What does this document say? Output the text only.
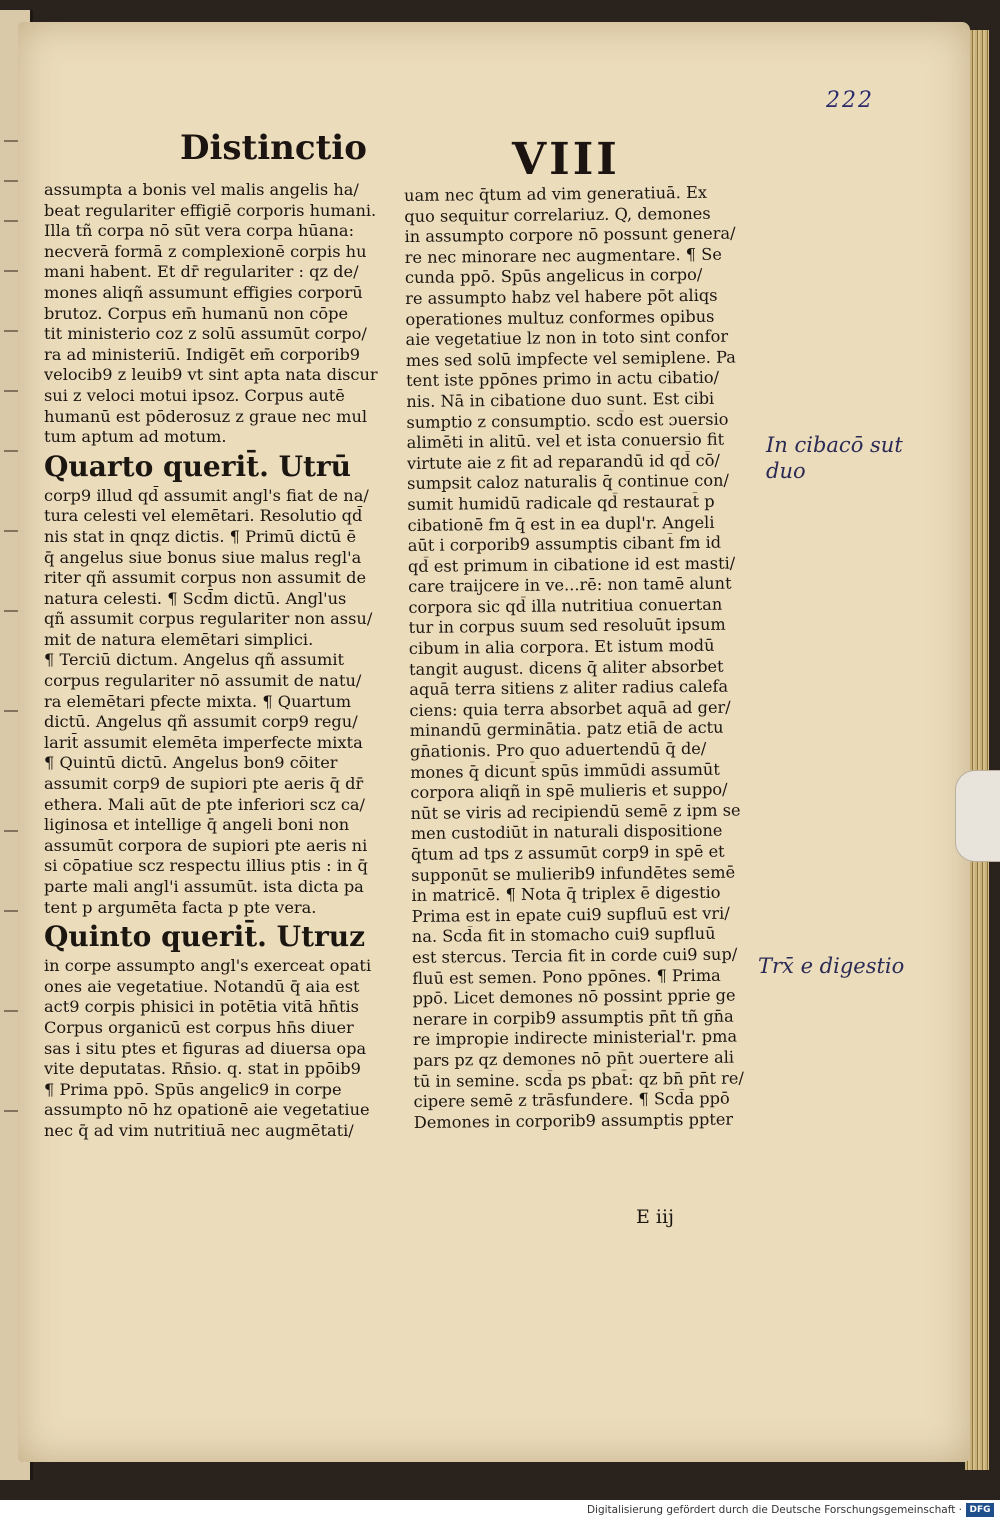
222
Distinctio	VIII
assumpta a bonis vel malis angelis ha/
beat regulariter effigiē corporis humani.
Illa tñ corpa nō sūt vera corpa hūana:
necverā formā z complexionē corpis hu
mani habent. Et dr̄ regulariter : qz de/
mones aliqñ assumunt effigies corporū
brutoz. Corpus em̄ humanū non cōpe
tit ministerio coz z solū assumūt corpo/
ra ad ministeriū. Indigēt em̄ corporib9
velocib9 z leuib9 vt sint apta nata discur
sui z veloci motui ipsoz. Corpus autē
humanū est pōderosuz z graue nec mul
tum aptum ad motum.
Quarto querit̄. Utrū
corp9 illud qd̄ assumit angl's fiat de na/
tura celesti vel elemētari. Resolutio qd̄
nis stat in qnqz dictis. ¶ Primū dictū ē
q̄ angelus siue bonus siue malus regl'a
riter qñ assumit corpus non assumit de
natura celesti. ¶ Scd̄m dictū. Angl'us
qñ assumit corpus regulariter non assu/
mit de natura elemētari simplici.
¶ Terciū dictum. Angelus qñ assumit
corpus regulariter nō assumit de natu/
ra elemētari pfecte mixta. ¶ Quartum
dictū. Angelus qñ assumit corp9 regu/
larit̄ assumit elemēta imperfecte mixta
¶ Quintū dictū. Angelus bon9 cōiter
assumit corp9 de supiori pte aeris q̄ dr̄
ethera. Mali aūt de pte inferiori scz ca/
liginosa et intellige q̄ angeli boni non
assumūt corpora de supiori pte aeris ni
si cōpatiue scz respectu illius ptis : in q̄
parte mali angl'i assumūt. ista dicta pa
tent p argumēta facta p pte vera.
Quinto querit̄. Utruz
in corpe assumpto angl's exerceat opati
ones aie vegetatiue. Notandū q̄ aia est
act9 corpis phisici in potētia vitā hn̄tis
Corpus organicū est corpus hn̄s diuer
sas i situ ptes et figuras ad diuersa opa
vite deputatas. Rn̄sio. q. stat in ppōib9
¶ Prima ppō. Spūs angelic9 in corpe
assumpto nō hz opationē aie vegetatiue
nec q̄ ad vim nutritiuā nec augmētati/
uam nec q̄tum ad vim generatiuā. Ex
quo sequitur correlariuz. Q, demones
in assumpto corpore nō possunt genera/
re nec minorare nec augmentare. ¶ Se
cunda ppō. Spūs angelicus in corpo/
re assumpto habz vel habere pōt aliqs
operationes multuz conformes opibus
aie vegetatiue lz non in toto sint confor
mes sed solū impfecte vel semiplene. Pa
tent iste ppōnes primo in actu cibatio/
nis. Nā in cibatione duo sunt. Est cibi
sumptio z consumptio. scd̄o est ɔuersio
alimēti in alitū. vel et ista conuersio fit
virtute aie z fit ad reparandū id qd̄ cō/
sumpsit caloz naturalis q̄ continue con/
sumit humidū radicale qd̄ restaurat̄ p
cibationē fm q̄ est in ea dupl'r. Angeli
aūt i corporib9 assumptis cibant̄ fm id
qd̄ est primum in cibatione id est masti/
care traijcere in ve...rē: non tamē alunt
corpora sic qd̄ illa nutritiua conuertan
tur in corpus suum sed resoluūt ipsum
cibum in alia corpora. Et istum modū
tangit august. dicens q̄ aliter absorbet
aquā terra sitiens z aliter radius calefa
ciens: quia terra absorbet aquā ad ger/
minandū germinātia. patz etiā de actu
gn̄ationis. Pro quo aduertendū q̄ de/
mones q̄ dicunt̄ spūs immūdi assumūt
corpora aliqñ in spē mulieris et suppo/
nūt se viris ad recipiendū semē z ipm se
men custodiūt in naturali dispositione
q̄tum ad tps z assumūt corp9 in spē et
supponūt se mulierib9 infundētes semē
in matricē. ¶ Nota q̄ triplex ē digestio
Prima est in epate cui9 supfluū est vri/
na. Scd̄a fit in stomacho cui9 supfluū
est stercus. Tercia fit in corde cui9 sup/
fluū est semen. Pono ppōnes. ¶ Prima
ppō. Licet demones nō possint pprie ge
nerare in corpib9 assumptis pn̄t tñ gn̄a
re impropie indirecte ministerial'r. pma
pars pz qz demones nō pn̄t ɔuertere ali
tū in semine. scd̄a ps pbat̄: qz bn̄ pn̄t re/
cipere semē z trāsfundere. ¶ Scd̄a ppō
Demones in corporib9 assumptis ppter
E iij
In cibacō sut
duo
Trx̄ e digestio
Digitalisierung gefördert durch die Deutsche Forschungsgemeinschaft · DFG
